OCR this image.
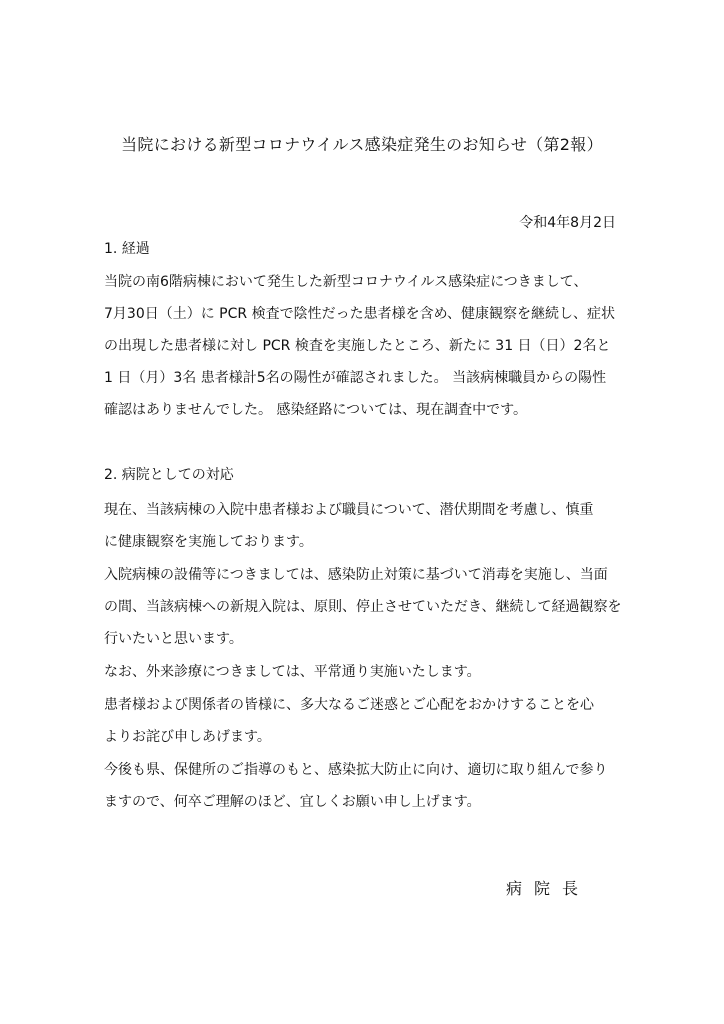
当院における新型コロナウイルス感染症発生のお知らせ（第2報）
令和4年8月2日
1. 経過
当院の南6階病棟において発生した新型コロナウイルス感染症につきまして、
7月30日（土）に PCR 検査で陰性だった患者様を含め、健康観察を継続し、症状
の出現した患者様に対し PCR 検査を実施したところ、新たに 31 日（日）2名と
1 日（月）3名 患者様計5名の陽性が確認されました。 当該病棟職員からの陽性
確認はありませんでした。 感染経路については、現在調査中です。
2. 病院としての対応
現在、当該病棟の入院中患者様および職員について、潜伏期間を考慮し、慎重
に健康観察を実施しております。
入院病棟の設備等につきましては、感染防止対策に基づいて消毒を実施し、当面
の間、当該病棟への新規入院は、原則、停止させていただき、継続して経過観察を
行いたいと思います。
なお、外来診療につきましては、平常通り実施いたします。
患者様および関係者の皆様に、多大なるご迷惑とご心配をおかけすることを心
よりお詫び申しあげます。
今後も県、保健所のご指導のもと、感染拡大防止に向け、適切に取り組んで参り
ますので、何卒ご理解のほど、宜しくお願い申し上げます。
病院長
